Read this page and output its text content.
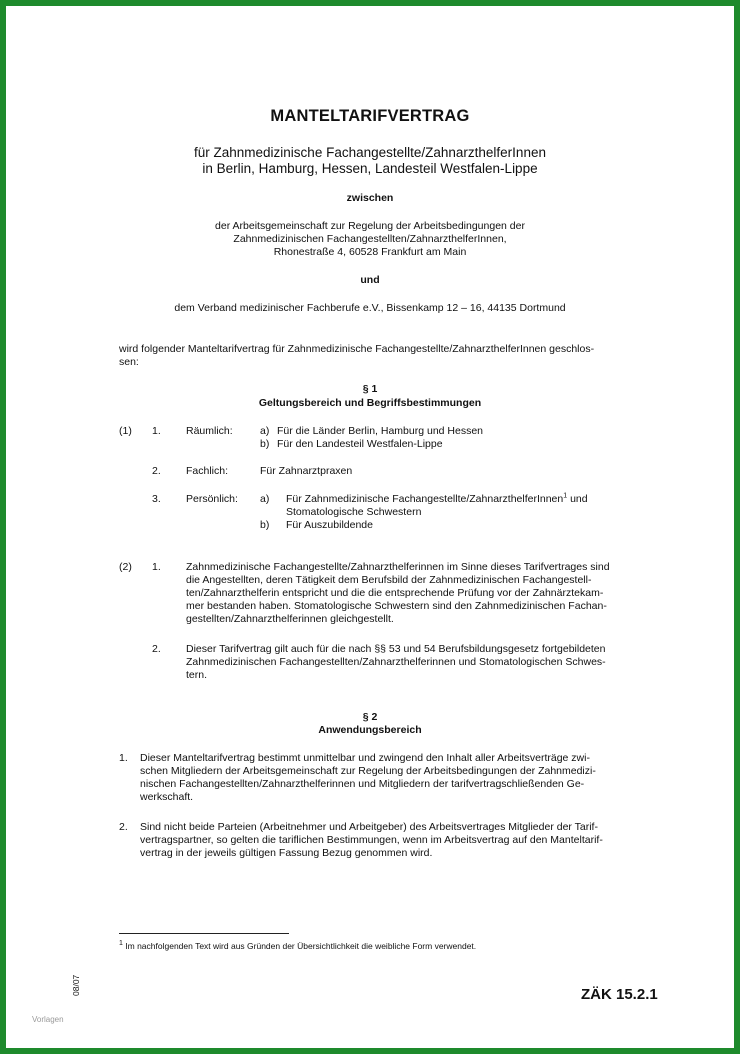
MANTELTARIFVERTRAG
für Zahnmedizinische Fachangestellte/ZahnarzthelferInnen
in Berlin, Hamburg, Hessen, Landesteil Westfalen-Lippe
zwischen
der Arbeitsgemeinschaft zur Regelung der Arbeitsbedingungen der
Zahnmedizinischen Fachangestellten/ZahnarzthelferInnen,
Rhonestraße 4, 60528 Frankfurt am Main
und
dem Verband medizinischer Fachberufe e.V., Bissenkamp 12 – 16, 44135 Dortmund
wird folgender Manteltarifvertrag für Zahnmedizinische Fachangestellte/ZahnarzthelferInnen geschlos-
sen:
§ 1
Geltungsbereich und Begriffsbestimmungen
(1) 1. Räumlich:	a) Für die Länder Berlin, Hamburg und Hessen
b) Für den Landesteil Westfalen-Lippe
2. Fachlich:	Für Zahnarztpraxen
3. Persönlich: a) Für Zahnmedizinische Fachangestellte/ZahnarzthelferInnen$^1$ und
Stomatologische Schwestern
b) Für Auszubildende
(2) 1. Zahnmedizinische Fachangestellte/Zahnarzthelferinnen im Sinne dieses Tarifvertrages sind
die Angestellten, deren Tätigkeit dem Berufsbild der Zahnmedizinischen Fachangestell-
ten/Zahnarzthelferin entspricht und die die entsprechende Prüfung vor der Zahnärztekam-
mer bestanden haben. Stomatologische Schwestern sind den Zahnmedizinischen Fachan-
gestellten/Zahnarzthelferinnen gleichgestellt.
2. Dieser Tarifvertrag gilt auch für die nach §§ 53 und 54 Berufsbildungsgesetz fortgebildeten
Zahnmedizinischen Fachangestellten/Zahnarzthelferinnen und Stomatologischen Schwes-
tern.
§ 2
Anwendungsbereich
1. Dieser Manteltarifvertrag bestimmt unmittelbar und zwingend den Inhalt aller Arbeitsverträge zwi-
schen Mitgliedern der Arbeitsgemeinschaft zur Regelung der Arbeitsbedingungen der Zahnmedizi-
nischen Fachangestellten/Zahnarzthelferinnen und Mitgliedern der tarifvertragschließenden Ge-
werkschaft.
2. Sind nicht beide Parteien (Arbeitnehmer und Arbeitgeber) des Arbeitsvertrages Mitglieder der Tarif-
vertragspartner, so gelten die tariflichen Bestimmungen, wenn im Arbeitsvertrag auf den Manteltarif-
vertrag in der jeweils gültigen Fassung Bezug genommen wird.
$^1$ Im nachfolgenden Text wird aus Gründen der Übersichtlichkeit die weibliche Form verwendet.
08/07	ZÄK 15.2.1
Vorlagen
